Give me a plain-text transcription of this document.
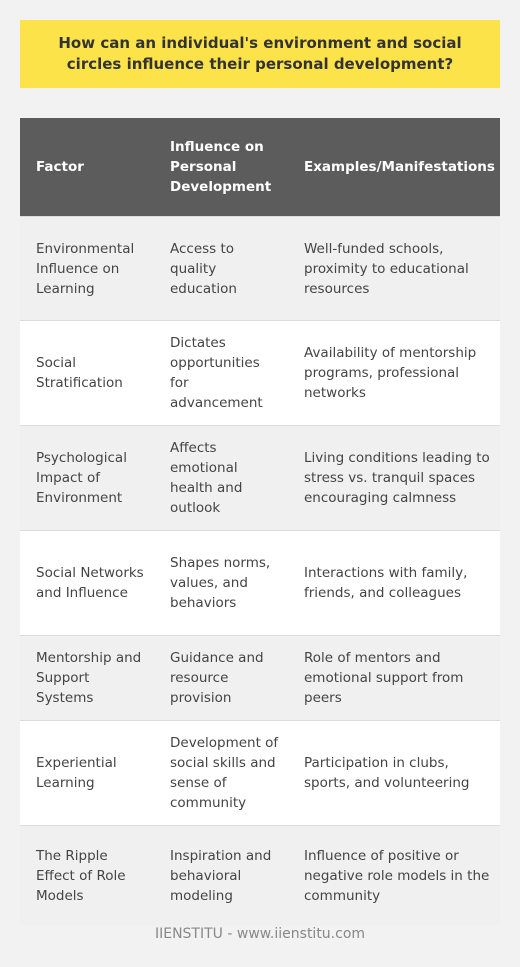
How can an individual's environment and social circles influence their personal development?
Factor	Influence on Personal Development	Examples/Manifestations
Environmental Influence on Learning	Access to quality education	Well-funded schools, proximity to educational resources
Social Stratification	Dictates opportunities for advancement	Availability of mentorship programs, professional networks
Psychological Impact of Environment	Affects emotional health and outlook	Living conditions leading to stress vs. tranquil spaces encouraging calmness
Social Networks and Influence	Shapes norms, values, and behaviors	Interactions with family, friends, and colleagues
Mentorship and Support Systems	Guidance and resource provision	Role of mentors and emotional support from peers
Experiential Learning	Development of social skills and sense of community	Participation in clubs, sports, and volunteering
The Ripple Effect of Role Models	Inspiration and behavioral modeling	Influence of positive or negative role models in the community
IIENSTITU - www.iienstitu.com
